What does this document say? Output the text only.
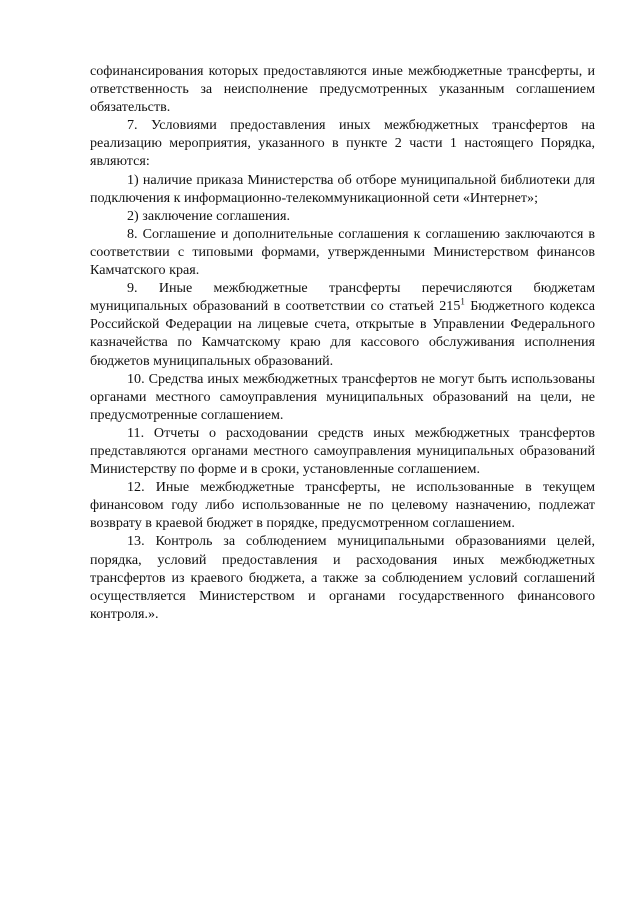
софинансирования которых предоставляются иные межбюджетные трансферты, и ответственность за неисполнение предусмотренных указанным соглашением обязательств.

7. Условиями предоставления иных межбюджетных трансфертов на реализацию мероприятия, указанного в пункте 2 части 1 настоящего Порядка, являются:

1) наличие приказа Министерства об отборе муниципальной библиотеки для подключения к информационно-телекоммуникационной сети «Интернет»;

2) заключение соглашения.

8. Соглашение и дополнительные соглашения к соглашению заключаются в соответствии с типовыми формами, утвержденными Министерством финансов Камчатского края.

9. Иные межбюджетные трансферты перечисляются бюджетам муниципальных образований в соответствии со статьей $215^1$ Бюджетного кодекса Российской Федерации на лицевые счета, открытые в Управлении Федерального казначейства по Камчатскому краю для кассового обслуживания исполнения бюджетов муниципальных образований.

10. Средства иных межбюджетных трансфертов не могут быть использованы органами местного самоуправления муниципальных образований на цели, не предусмотренные соглашением.

11. Отчеты о расходовании средств иных межбюджетных трансфертов представляются органами местного самоуправления муниципальных образований Министерству по форме и в сроки, установленные соглашением.

12. Иные межбюджетные трансферты, не использованные в текущем финансовом году либо использованные не по целевому назначению, подлежат возврату в краевой бюджет в порядке, предусмотренном соглашением.

13. Контроль за соблюдением муниципальными образованиями целей, порядка, условий предоставления и расходования иных межбюджетных трансфертов из краевого бюджета, а также за соблюдением условий соглашений осуществляется Министерством и органами государственного финансового контроля.».
